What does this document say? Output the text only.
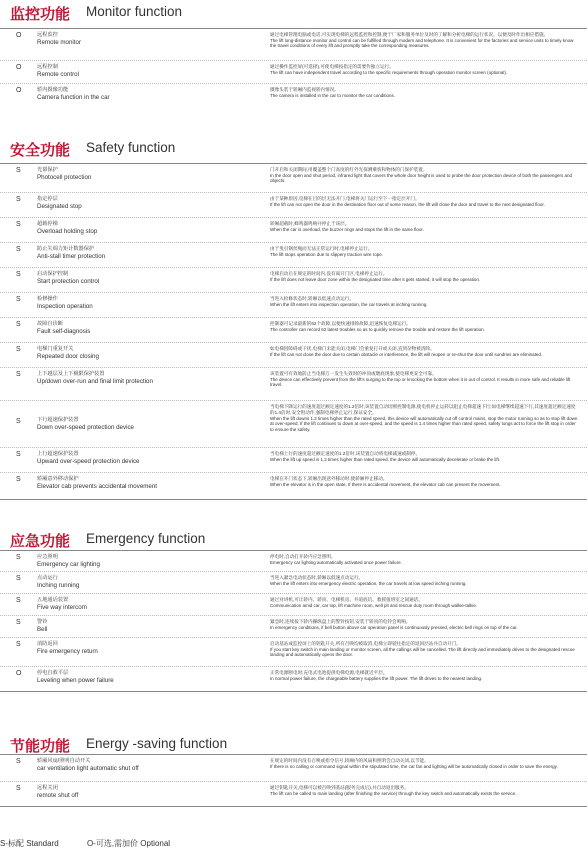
监控功能 Monitor function
O	远程监控
Remote monitor
通过电梯管理电脑或电话,可实现电梯的远程监控和控制,便于厂家和服务单位及时的了解和分析电梯的运行状况。以便及时作出相应措施。
The lift long-distance monitor and control can be fulfilled through modem and telephone. It is convenient for the factories and service units to timely know the travel conditions of every lift and promptly take the corresponding measures.
O	远程控制
Remote control
通过操作监控屏(可选择),可使电梯按指定的需要作独立运行。
The lift can have independent travel according to the specific requirements through operation monitor screen (optional).
O	轿内摄像功能
Camera function in the car
摄像头装于轿厢内监视轿内情况。
The camera is installed in the car to monitor the car conditions.
安全功能 Safety function
S	光幕保护
Photocell protection
门开启和关闭期间,用覆盖整个门高度的红外光探测乘客和物体的门保护装置。
In the door open and shut period, infrared light that covers the whole door height is used to probe the door protection device of both the passengers and objects.
S	指定停层
Designated stop
由于某种原因,电梯在目的层无法开门,电梯将关门运行至下一指定层开门。
If the lift can not open the door in the destination floor out of some reason, the lift will close the door and travel to the next designated floor.
S	超载停梯
Overload holding stop
轿厢超载时,蜂鸣器鸣响并停止于该层。
When the car is overload, the buzzer rings and stops the lift in the same floor.
S	防止失调力矩计数器保护
Anti-stall timer protection
由于曳引钢丝绳而无法正常运行时,电梯停止运行。
The lift stops operation due to slippery traction wire rope.
S	启动保护控制
Start protection control
电梯启动后在规定的时间内,没有离开门区,电梯停止运行。
If the lift does not leave door zone within the designated time after it gets started, it will stop the operation.
S	检修操作
Inspection operation
当进入检修状态时,轿厢以低速点动运行。
When the lift enters into inspection operation, the car travels at inching running.
S	故障自诊断
Fault self-diagnosis
控制器可记录最新的62个故障,以便快速排除故障,迅速恢复电梯运行。
The controller can record 62 latest troubles so as to quickly remove the trouble and restore the lift operation.
S	电梯门重复开关
Repeated door closing
如电梯因障碍或干扰,电梯门未能关闭,电梯门会重复打开或关闭,直到杂物被清除。
If the lift can not close the door due to certain obstacle or interference, the lift will reopen or re-shut the door until sundries are eliminated.
S	上下越层及上下极限保护装置
Up/down over-run and final limit protection
该装置可有效地防止当电梯万一发生失效时的冲顶或墩底现象,使电梯更安全可靠。
The device can effectively prevent from the lift's surging to the top or knocking the bottom when it is out of control. It results in more safe and reliable lift travel.
S	下行超速保护装置
Down over-speed protection device
当电梯下降运行的速度超过额定速度的1.2倍时,该装置自动切断控制电源,使电机停止运转以阻止电梯超速下行;如电梯继续超速下行,其速度超过额定速度的1.4倍时,安全钳动作,强制电梯停止运行,保证安全。
When the lift downs 1.2 times higher than the rated speed, this device will automatically cut off control mains, stop the motor running so as to stop lift down at over-speed. If the lift continues to down at over-speed, and the speed is 1.4 times higher than rated speed, safety tongs act to force the lift stop in order to ensure the safety.
S	上行超速保护装置
Upward over-speed protection device
当电梯上行的速度超过额定速度的1.2倍时,该装置自动将电梯减速或制停。
When the lift up speed is 1.2 times higher than rated speed, the device will automatically decelerate or brake the lift.
S	轿厢意外移动保护
Elevator cab prevents accidental movement
电梯在开门状态下,轿厢出现意外移动时,使轿厢停止移动。
When the elevator is in the open state, If there is accidental movement, the elevator cab can present the movement.
应急功能 Emergency function
S	应急照明
Emergency car lighting
停电时,自动打开轿内应急照明。
Emergency car lighting automatically activated once power failure.
S	点动运行
Inching running
当进入紧急电动状态时,轿厢以低速点动运行。
When the lift enters into emergency electric operation, the car travels at low speed inching running.
S	五地通话装置
Five way intercom
通过对讲机,可让轿内、轿顶、电梯机房、井道底坑、救援值班室之间通话。
Communication amid car, car top, lift machine room, well pit and rescue duty room through walkie-talkie.
S	警铃
Bell
紧急时,连续按下轿内操纵盘上的警铃按钮,安装于轿顶的电铃会鸣响。
In emergency conditions, if bell button above car operation panel is continuously pressed, electric bell rings on top of the car.
S	消防返回
Fire emergency return
启动基站或监控屏上的钥匙开关,所有召唤均被取消,电梯立即驶往指定的返回层站并自动开门。
If you start key switch in main landing or monitor screen, all the callings will be cancelled. The lift directly and immediately drives to the designated rescue landing and automatically opens the door.
O	停电自救平层
Leveling when power failure
正常电源断电时,充电式电池提供电梯电源,电梯就近平层。
In normal power failure, the chargeable battery supplies the lift power. The lift drives to the nearest landing.
节能功能 Energy -saving function
S	轿厢风扇/照明自动开关
car ventilation light automatic shut off
在规定的时间内没有召唤或指令信号,轿厢内的风扇和照明会自动关闭,以节能。
If there is no calling or command signal within the stipulated time, the car fan and lighting will be automatically closed in order to save the energy.
S	远程关闭
remote shut off
通过钥匙开关,电梯可以被召唤到基站(服务完成后),并自动退出服务。
The lift can be called to main landing (after finishing the service) through the key switch and automatically exists the service.
S-标配 Standard	O-可选,需加价 Optional
